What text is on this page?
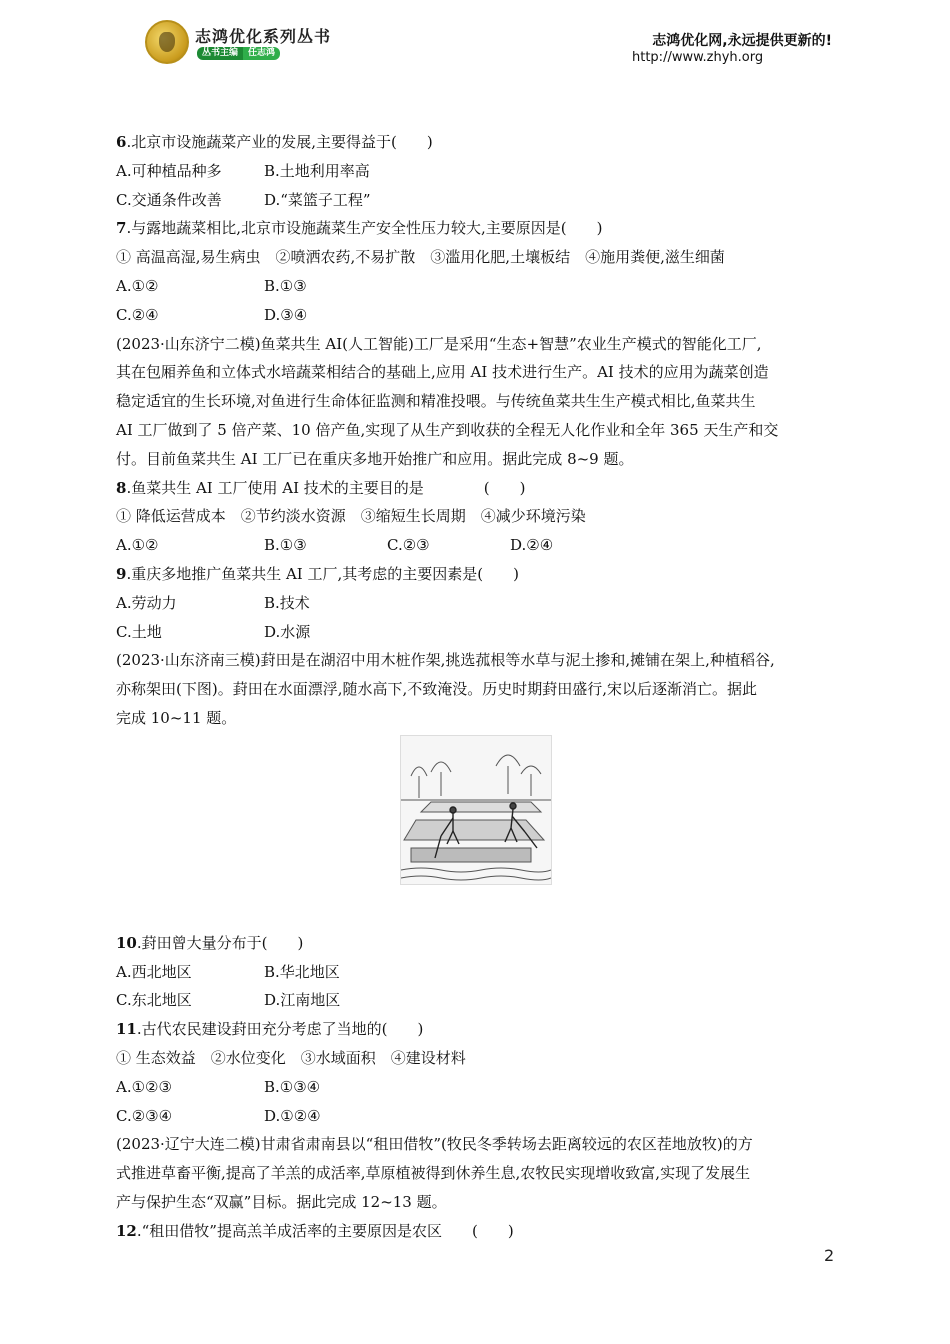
志鸿优化系列丛书
丛书主编	任志鸿
志鸿优化网,永远提供更新的!
http://www.zhyh.org
6.北京市设施蔬菜产业的发展,主要得益于(　　)
A.可种植品种多	B.土地利用率高
C.交通条件改善	D.“菜篮子工程”
7.与露地蔬菜相比,北京市设施蔬菜生产安全性压力较大,主要原因是(　　)
① 高温高湿,易生病虫　②喷洒农药,不易扩散　③滥用化肥,土壤板结　④施用粪便,滋生细菌
A.①②	B.①③
C.②④	D.③④
(2023·山东济宁二模)鱼菜共生 AI(人工智能)工厂是采用“生态+智慧”农业生产模式的智能化工厂,
其在包厢养鱼和立体式水培蔬菜相结合的基础上,应用 AI 技术进行生产。AI 技术的应用为蔬菜创造
稳定适宜的生长环境,对鱼进行生命体征监测和精准投喂。与传统鱼菜共生生产模式相比,鱼菜共生
AI 工厂做到了 5 倍产菜、10 倍产鱼,实现了从生产到收获的全程无人化作业和全年 365 天生产和交
付。目前鱼菜共生 AI 工厂已在重庆多地开始推广和应用。据此完成 8~9 题。
8.鱼菜共生 AI 工厂使用 AI 技术的主要目的是　　　　(　　)
① 降低运营成本　②节约淡水资源　③缩短生长周期　④减少环境污染
A.①②	B.①③	C.②③	D.②④
9.重庆多地推广鱼菜共生 AI 工厂,其考虑的主要因素是(　　)
A.劳动力	B.技术
C.土地	D.水源
(2023·山东济南三模)葑田是在湖沼中用木桩作架,挑选菰根等水草与泥土掺和,摊铺在架上,种植稻谷,
亦称架田(下图)。葑田在水面漂浮,随水高下,不致淹没。历史时期葑田盛行,宋以后逐渐消亡。据此
完成 10~11 题。
10.葑田曾大量分布于(　　)
A.西北地区	B.华北地区
C.东北地区	D.江南地区
11.古代农民建设葑田充分考虑了当地的(　　)
① 生态效益　②水位变化　③水域面积　④建设材料
A.①②③	B.①③④
C.②③④	D.①②④
(2023·辽宁大连二模)甘肃省肃南县以“租田借牧”(牧民冬季转场去距离较远的农区茬地放牧)的方
式推进草畜平衡,提高了羊羔的成活率,草原植被得到休养生息,农牧民实现增收致富,实现了发展生
产与保护生态“双赢”目标。据此完成 12~13 题。
12.“租田借牧”提高羔羊成活率的主要原因是农区　　(　　)
2
